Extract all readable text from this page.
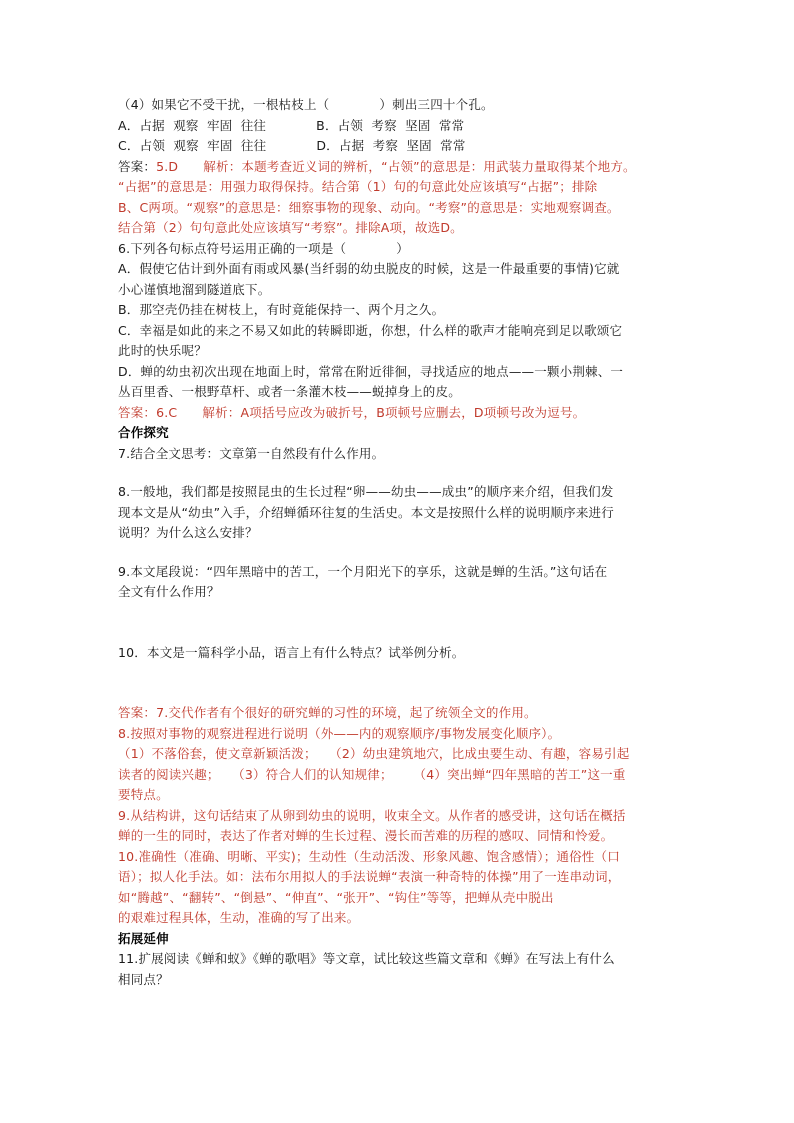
（4）如果它不受干扰，一根枯枝上（            ）刺出三四十个孔。

A．占据  观察  牢固  往往            B．占领  考察  坚固  常常

C．占领  观察  牢固  往往            D．占据  考察  坚固  常常

答案：5.D      解析：本题考查近义词的辨析，“占领”的意思是：用武装力量取得某个地方。

“占据”的意思是：用强力取得保持。结合第（1）句的句意此处应该填写“占据”；排除

B、C两项。“观察”的意思是：细察事物的现象、动向。“考察”的意思是：实地观察调查。

结合第（2）句句意此处应该填写“考察”。排除A项，故选D。

6.下列各句标点符号运用正确的一项是（            ）

A．假使它估计到外面有雨或风暴(当纤弱的幼虫脱皮的时候，这是一件最重要的事情)它就

小心谨慎地溜到隧道底下。

B．那空壳仍挂在树枝上，有时竟能保持一、两个月之久。

C．幸福是如此的来之不易又如此的转瞬即逝，你想，什么样的歌声才能响亮到足以歌颂它

此时的快乐呢？

D．蝉的幼虫初次出现在地面上时，常常在附近徘徊，寻找适应的地点——一颗小荆棘、一

丛百里香、一根野草杆、或者一条灌木枝——蜕掉身上的皮。

答案：6.C      解析：A项括号应改为破折号，B项顿号应删去，D项顿号改为逗号。

合作探究

7.结合全文思考：文章第一自然段有什么作用。

8.一般地，我们都是按照昆虫的生长过程“卵——幼虫——成虫”的顺序来介绍，但我们发

现本文是从“幼虫”入手，介绍蝉循环往复的生活史。本文是按照什么样的说明顺序来进行

说明？为什么这么安排？

9.本文尾段说：“四年黑暗中的苦工，一个月阳光下的享乐，这就是蝉的生活。”这句话在

全文有什么作用？

10．本文是一篇科学小品，语言上有什么特点？试举例分析。

答案：7.交代作者有个很好的研究蝉的习性的环境，起了统领全文的作用。

8.按照对事物的观察进程进行说明（外——内的观察顺序/事物发展变化顺序）。

（1）不落俗套，使文章新颖活泼；   （2）幼虫建筑地穴，比成虫要生动、有趣，容易引起

读者的阅读兴趣；   （3）符合人们的认知规律；     （4）突出蝉“四年黑暗的苦工”这一重

要特点。

9.从结构讲，这句话结束了从卵到幼虫的说明，收束全文。从作者的感受讲，这句话在概括

蝉的一生的同时，表达了作者对蝉的生长过程、漫长而苦难的历程的感叹、同情和怜爱。

10.准确性（准确、明晰、平实)；生动性（生动活泼、形象风趣、饱含感情）；通俗性（口

语）；拟人化手法。如：法布尔用拟人的手法说蝉“表演一种奇特的体操”用了一连串动词，

如“腾越”、“翻转”、“倒悬”、“伸直”、“张开”、“钩住”等等，把蝉从壳中脱出

的艰难过程具体，生动，准确的写了出来。

拓展延伸

11.扩展阅读《蝉和蚁》《蝉的歌唱》等文章，试比较这些篇文章和《蝉》在写法上有什么

相同点？
